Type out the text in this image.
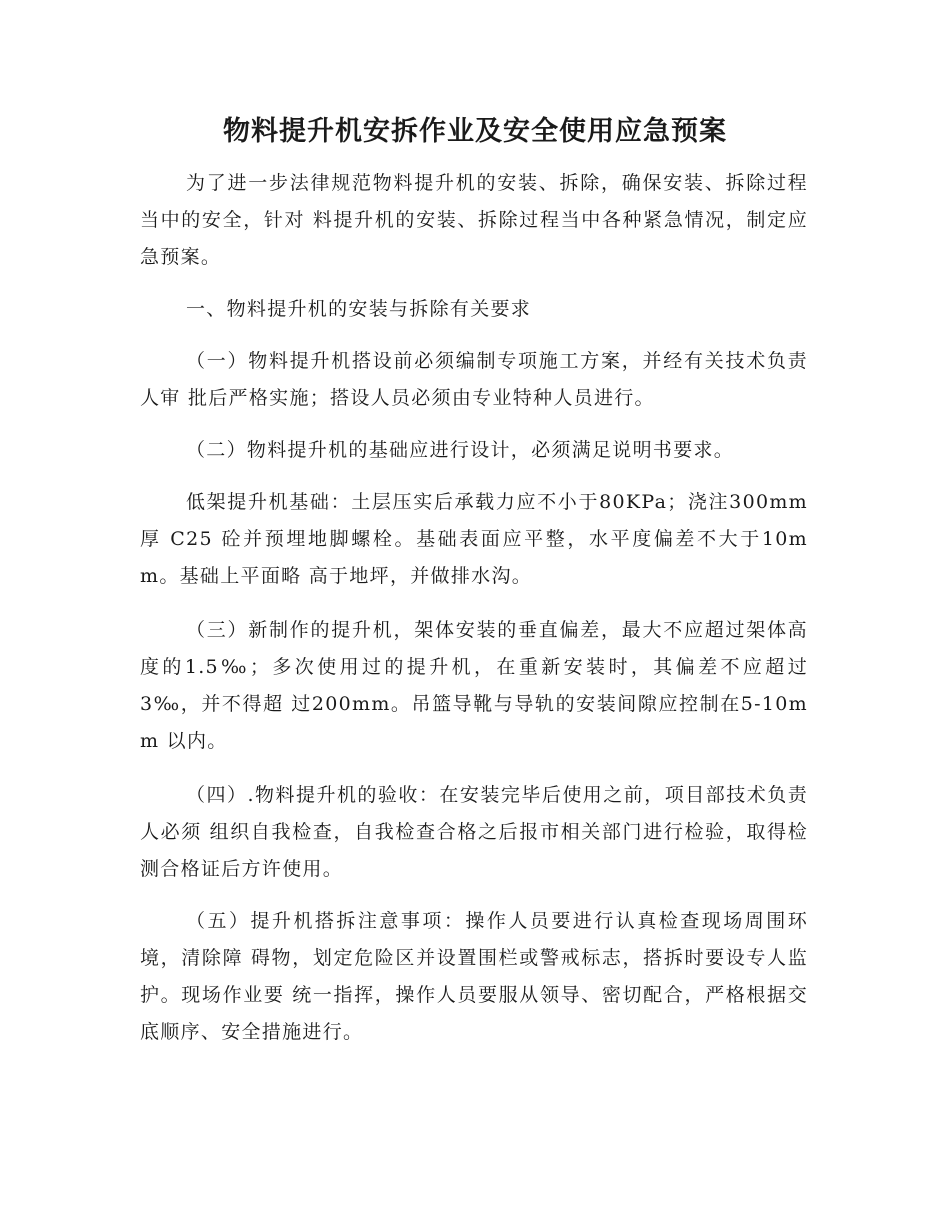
物料提升机安拆作业及安全使用应急预案

为了进一步法律规范物料提升机的安装、拆除，确保安装、拆除过程当中的安全，针对 料提升机的安装、拆除过程当中各种紧急情况，制定应急预案。

一、物料提升机的安装与拆除有关要求

（一）物料提升机搭设前必须编制专项施工方案，并经有关技术负责人审 批后严格实施；搭设人员必须由专业特种人员进行。

（二）物料提升机的基础应进行设计，必须满足说明书要求。

低架提升机基础：土层压实后承载力应不小于80KPa；浇注300mm厚 C25 砼并预埋地脚螺栓。基础表面应平整，水平度偏差不大于10mm。基础上平面略 高于地坪，并做排水沟。

（三）新制作的提升机，架体安装的垂直偏差，最大不应超过架体高度的1.5‰；多次使用过的提升机，在重新安装时，其偏差不应超过3‰，并不得超 过200mm。吊篮导靴与导轨的安装间隙应控制在5-10mm 以内。

（四）.物料提升机的验收：在安装完毕后使用之前，项目部技术负责人必须 组织自我检查，自我检查合格之后报市相关部门进行检验，取得检测合格证后方许使用。

（五）提升机搭拆注意事项：操作人员要进行认真检查现场周围环境，清除障 碍物，划定危险区并设置围栏或警戒标志，搭拆时要设专人监护。现场作业要 统一指挥，操作人员要服从领导、密切配合，严格根据交底顺序、安全措施进行。
